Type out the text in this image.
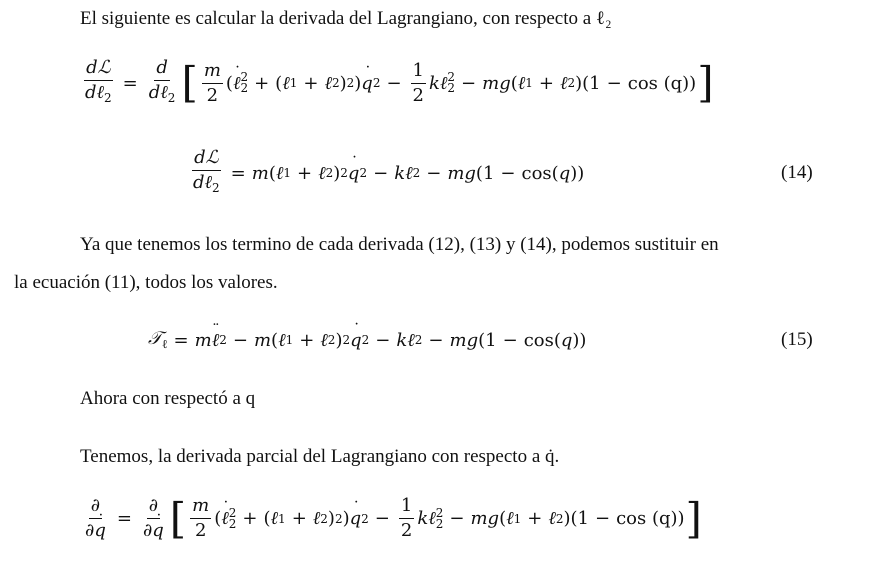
El siguiente es calcular la derivada del Lagrangiano, con respecto a ℓ₂
$\frac{\text{dℒ}}{d\ell_2} = \frac{d}{d\ell_2}$ [ $\frac{m}{2}$ ( ℓ ˙ 2
2 + ( ℓ 1 + ℓ 2 ) 2 ) q ˙ $2 - \frac{1}{2}$ kℓ 2
2 − mg ( ℓ 1 + ℓ 2 )(1 − cos (q)) ]
$\frac{\text{dℒ}}{d\ell_2} = m$ ( ℓ 1 + ℓ 2 ) 2 q ˙ 2 − kℓ 2 − mg (1 − cos( q ))	(14)
Ya que tenemos los termino de cada derivada (12), (13) y (14), podemos sustituir en
la ecuación (11), todos los valores.
𝒯$_\ell$ = m ℓ ¨ 2 − m ( ℓ 1 + ℓ 2 ) 2 q ˙ 2 − kℓ 2 − mg (1 − cos( q ))	(15)
Ahora con respectó a q
Tenemos, la derivada parcial del Lagrangiano con respecto a q̇.
$\frac{\partial}{\partial q}$ ˙ = $\frac{\partial}{\partial q}$ ˙ [ $\frac{m}{2}$ ( ℓ ˙ 2
2 + ( ℓ 1 + ℓ 2 ) 2 ) q ˙ $2 - \frac{1}{2}$ kℓ 2
2 − mg ( ℓ 1 + ℓ 2 )(1 − cos (q)) ]
